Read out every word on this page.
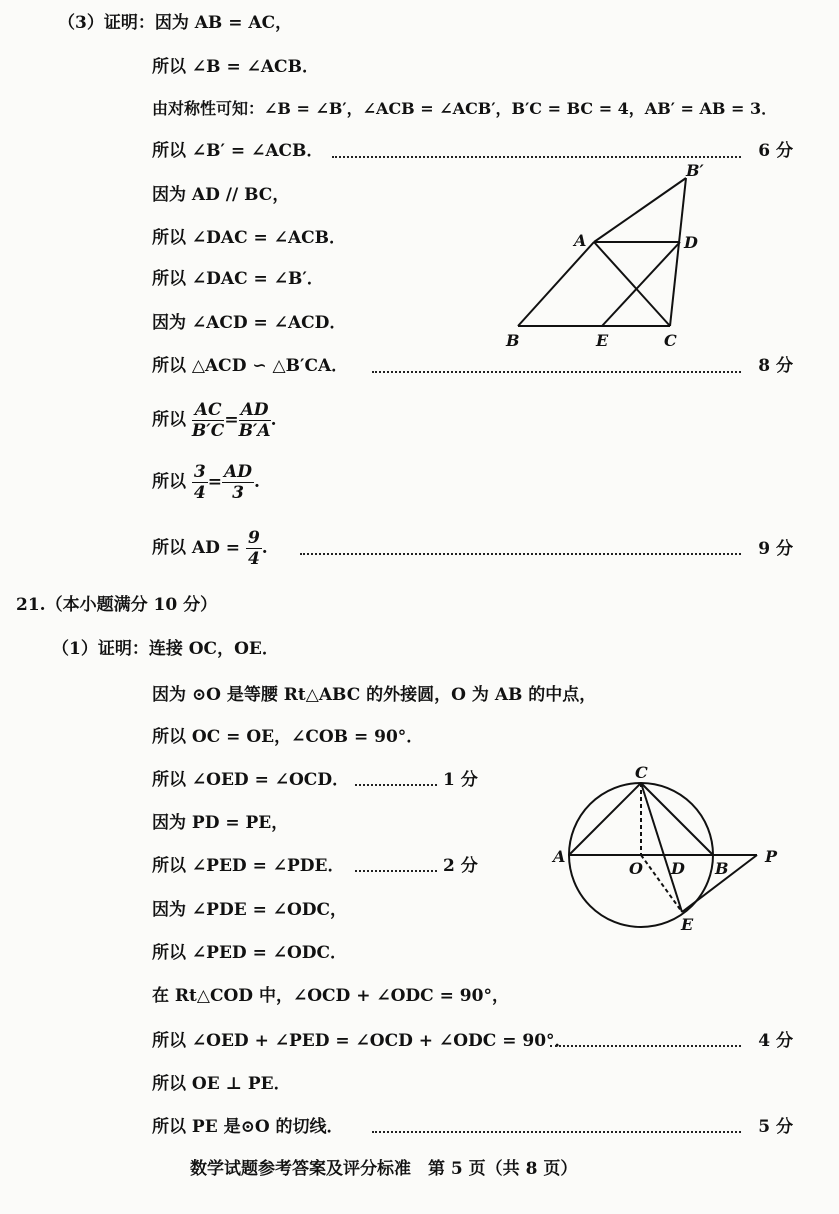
（3）证明：因为 AB = AC，
所以 ∠B = ∠ACB．
由对称性可知：∠B = ∠B′，∠ACB = ∠ACB′，B′C = BC = 4，AB′ = AB = 3．
所以 ∠B′ = ∠ACB．	6 分
因为 AD // BC，
所以 ∠DAC = ∠ACB．
所以 ∠DAC = ∠B′．
因为 ∠ACD = ∠ACD．
所以 △ACD ∽ △B′CA．	8 分
所以 $\frac{AC}{B'C} = \frac{AD}{B'A}$ .
所以 $\frac{3}{4} = \frac{AD}{3}$ .
所以 AD = $\frac{9}{4}$ .	9 分
B′
A	D
B	E	C
21.（本小题满分 10 分）
（1）证明：连接 OC，OE．
因为 ⊙O 是等腰 Rt△ABC 的外接圆，O 为 AB 的中点，
所以 OC = OE，∠COB = 90°．
所以 ∠OED = ∠OCD．	1 分
因为 PD = PE，
所以 ∠PED = ∠PDE．	2 分
因为 ∠PDE = ∠ODC，
所以 ∠PED = ∠ODC．
在 Rt△COD 中，∠OCD + ∠ODC = 90°，
所以 ∠OED + ∠PED = ∠OCD + ∠ODC = 90°．	4 分
所以 OE ⊥ PE．
所以 PE 是⊙O 的切线．	5 分
C
A
O D B
P
E
数学试题参考答案及评分标准　第 5 页（共 8 页）
